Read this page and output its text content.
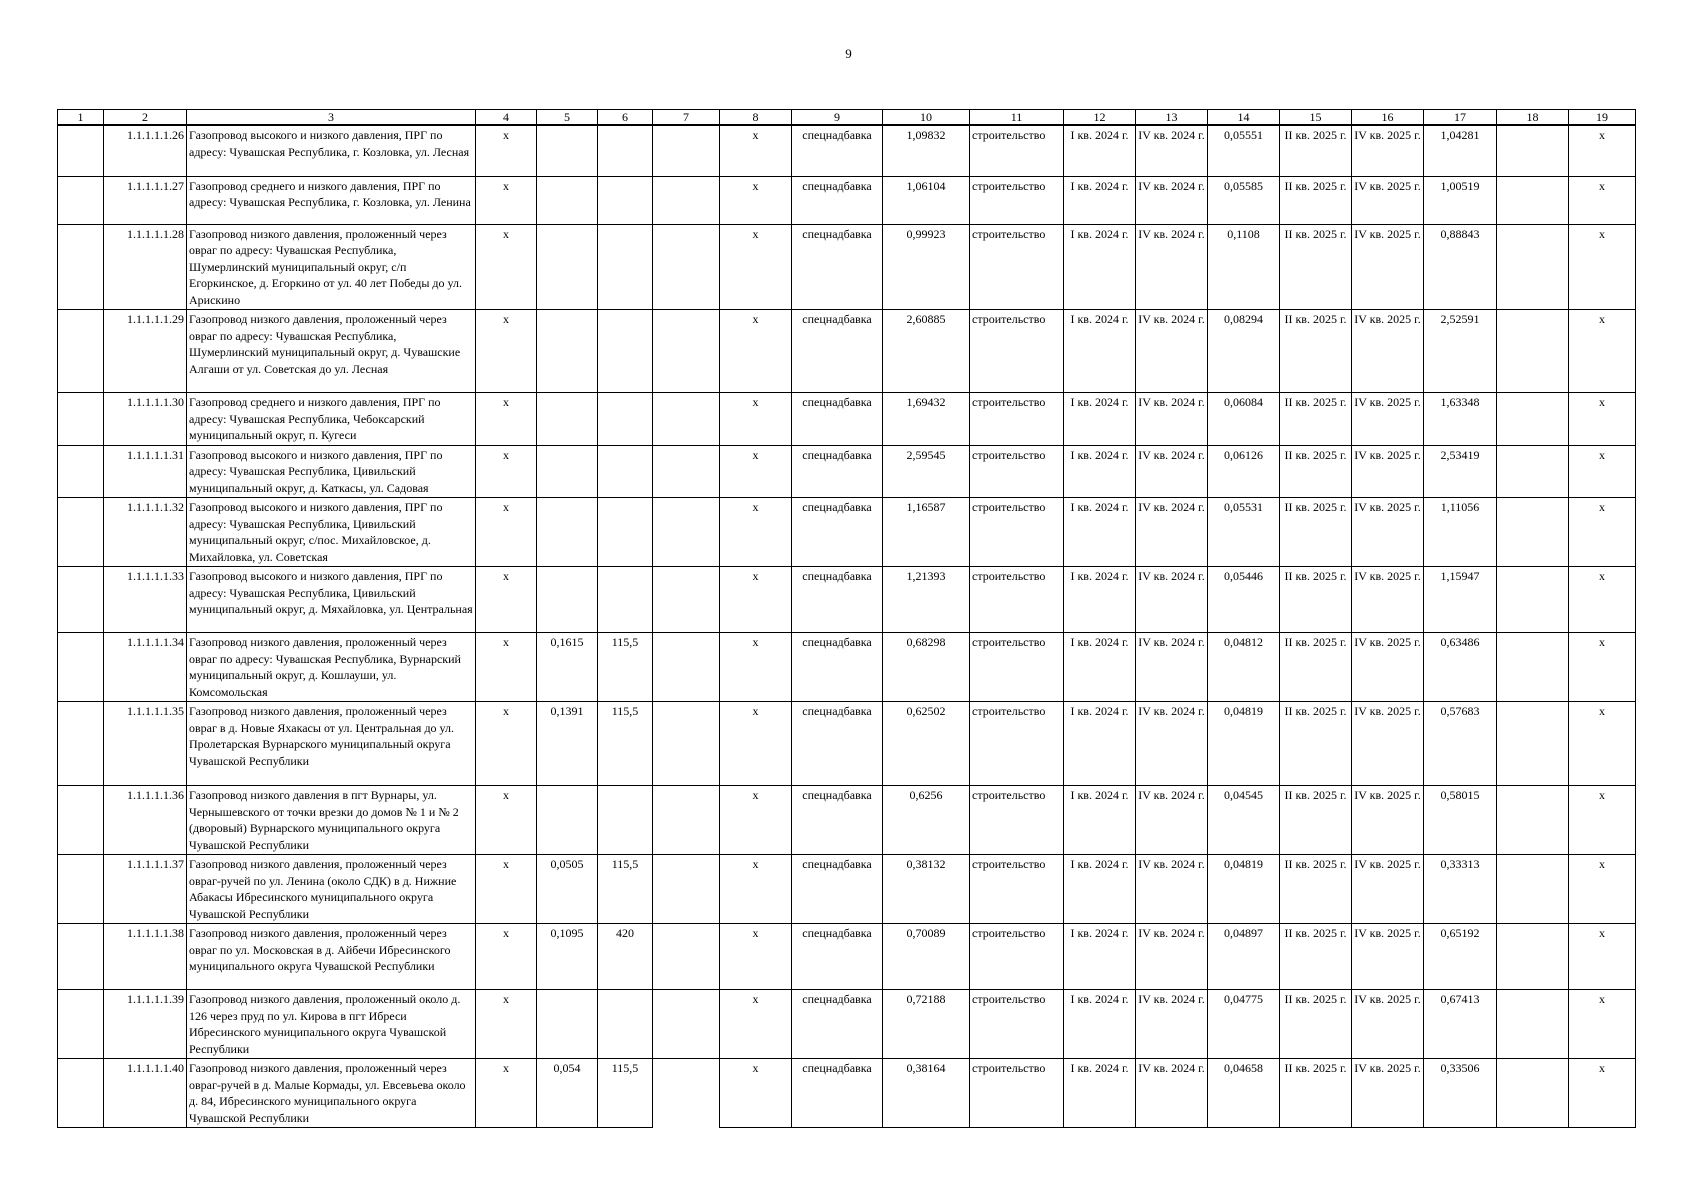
9
1	2	3	4	5	6	7	8	9	10	11	12	13	14	15	16	17	18	19
	1.1.1.1.1.26	Газопровод высокого и низкого давления, ПРГ по адресу: Чувашская Республика, г. Козловка, ул. Лесная	х				х	спецнадбавка	1,09832	строительство	I кв. 2024 г.	IV кв. 2024 г.	0,05551	II кв. 2025 г.	IV кв. 2025 г.	1,04281		х
	1.1.1.1.1.27	Газопровод среднего и низкого давления, ПРГ по адресу: Чувашская Республика, г. Козловка, ул. Ленина	х				х	спецнадбавка	1,06104	строительство	I кв. 2024 г.	IV кв. 2024 г.	0,05585	II кв. 2025 г.	IV кв. 2025 г.	1,00519		х
	1.1.1.1.1.28	Газопровод низкого давления, проложенный через овраг по адресу: Чувашская Республика, Шумерлинский муниципальный округ, с/п Егоркинское, д. Егоркино от ул. 40 лет Победы до ул. Арискино	х				х	спецнадбавка	0,99923	строительство	I кв. 2024 г.	IV кв. 2024 г.	0,1108	II кв. 2025 г.	IV кв. 2025 г.	0,88843		х
	1.1.1.1.1.29	Газопровод низкого давления, проложенный через овраг по адресу: Чувашская Республика, Шумерлинский муниципальный округ, д. Чувашские Алгаши от ул. Советская до ул. Лесная	х				х	спецнадбавка	2,60885	строительство	I кв. 2024 г.	IV кв. 2024 г.	0,08294	II кв. 2025 г.	IV кв. 2025 г.	2,52591		х
	1.1.1.1.1.30	Газопровод среднего и низкого давления, ПРГ по адресу: Чувашская Республика, Чебоксарский муниципальный округ, п. Кугеси	х				х	спецнадбавка	1,69432	строительство	I кв. 2024 г.	IV кв. 2024 г.	0,06084	II кв. 2025 г.	IV кв. 2025 г.	1,63348		х
	1.1.1.1.1.31	Газопровод высокого и низкого давления, ПРГ по адресу: Чувашская Республика, Цивильский муниципальный округ, д. Каткасы, ул. Садовая	х				х	спецнадбавка	2,59545	строительство	I кв. 2024 г.	IV кв. 2024 г.	0,06126	II кв. 2025 г.	IV кв. 2025 г.	2,53419		х
	1.1.1.1.1.32	Газопровод высокого и низкого давления, ПРГ по адресу: Чувашская Республика, Цивильский муниципальный округ, с/пос. Михайловское, д. Михайловка, ул. Советская	х				х	спецнадбавка	1,16587	строительство	I кв. 2024 г.	IV кв. 2024 г.	0,05531	II кв. 2025 г.	IV кв. 2025 г.	1,11056		х
	1.1.1.1.1.33	Газопровод высокого и низкого давления, ПРГ по адресу: Чувашская Республика, Цивильский муниципальный округ, д. Мяхайловка, ул. Центральная	х				х	спецнадбавка	1,21393	строительство	I кв. 2024 г.	IV кв. 2024 г.	0,05446	II кв. 2025 г.	IV кв. 2025 г.	1,15947		х
	1.1.1.1.1.34	Газопровод низкого давления, проложенный через овраг по адресу: Чувашская Республика, Вурнарский муниципальный округ, д. Кошлауши, ул. Комсомольская	х	0,1615	115,5		х	спецнадбавка	0,68298	строительство	I кв. 2024 г.	IV кв. 2024 г.	0,04812	II кв. 2025 г.	IV кв. 2025 г.	0,63486		х
	1.1.1.1.1.35	Газопровод низкого давления, проложенный через овраг в д. Новые Яхакасы от ул. Центральная до ул. Пролетарская Вурнарского муниципальный округа Чувашской Республики	х	0,1391	115,5		х	спецнадбавка	0,62502	строительство	I кв. 2024 г.	IV кв. 2024 г.	0,04819	II кв. 2025 г.	IV кв. 2025 г.	0,57683		х
	1.1.1.1.1.36	Газопровод низкого давления в пгт Вурнары, ул. Чернышевского от точки врезки до домов № 1 и № 2 (дворовый) Вурнарского муниципального округа Чувашской Республики	х				х	спецнадбавка	0,6256	строительство	I кв. 2024 г.	IV кв. 2024 г.	0,04545	II кв. 2025 г.	IV кв. 2025 г.	0,58015		х
	1.1.1.1.1.37	Газопровод низкого давления, проложенный через овраг-ручей по ул. Ленина (около СДК) в д. Нижние Абакасы Ибресинского муниципального округа Чувашской Республики	х	0,0505	115,5		х	спецнадбавка	0,38132	строительство	I кв. 2024 г.	IV кв. 2024 г.	0,04819	II кв. 2025 г.	IV кв. 2025 г.	0,33313		х
	1.1.1.1.1.38	Газопровод низкого давления, проложенный через овраг по ул. Московская в д. Айбечи Ибресинского муниципального округа Чувашской Республики	х	0,1095	420		х	спецнадбавка	0,70089	строительство	I кв. 2024 г.	IV кв. 2024 г.	0,04897	II кв. 2025 г.	IV кв. 2025 г.	0,65192		х
	1.1.1.1.1.39	Газопровод низкого давления, проложенный около д. 126 через пруд по ул. Кирова в пгт Ибреси Ибресинского муниципального округа Чувашской Республики	х				х	спецнадбавка	0,72188	строительство	I кв. 2024 г.	IV кв. 2024 г.	0,04775	II кв. 2025 г.	IV кв. 2025 г.	0,67413		х
	1.1.1.1.1.40	Газопровод низкого давления, проложенный через овраг-ручей в д. Малые Кормады, ул. Евсевьева около д. 84, Ибресинского муниципального округа Чувашской Республики	х	0,054	115,5		х	спецнадбавка	0,38164	строительство	I кв. 2024 г.	IV кв. 2024 г.	0,04658	II кв. 2025 г.	IV кв. 2025 г.	0,33506		х
